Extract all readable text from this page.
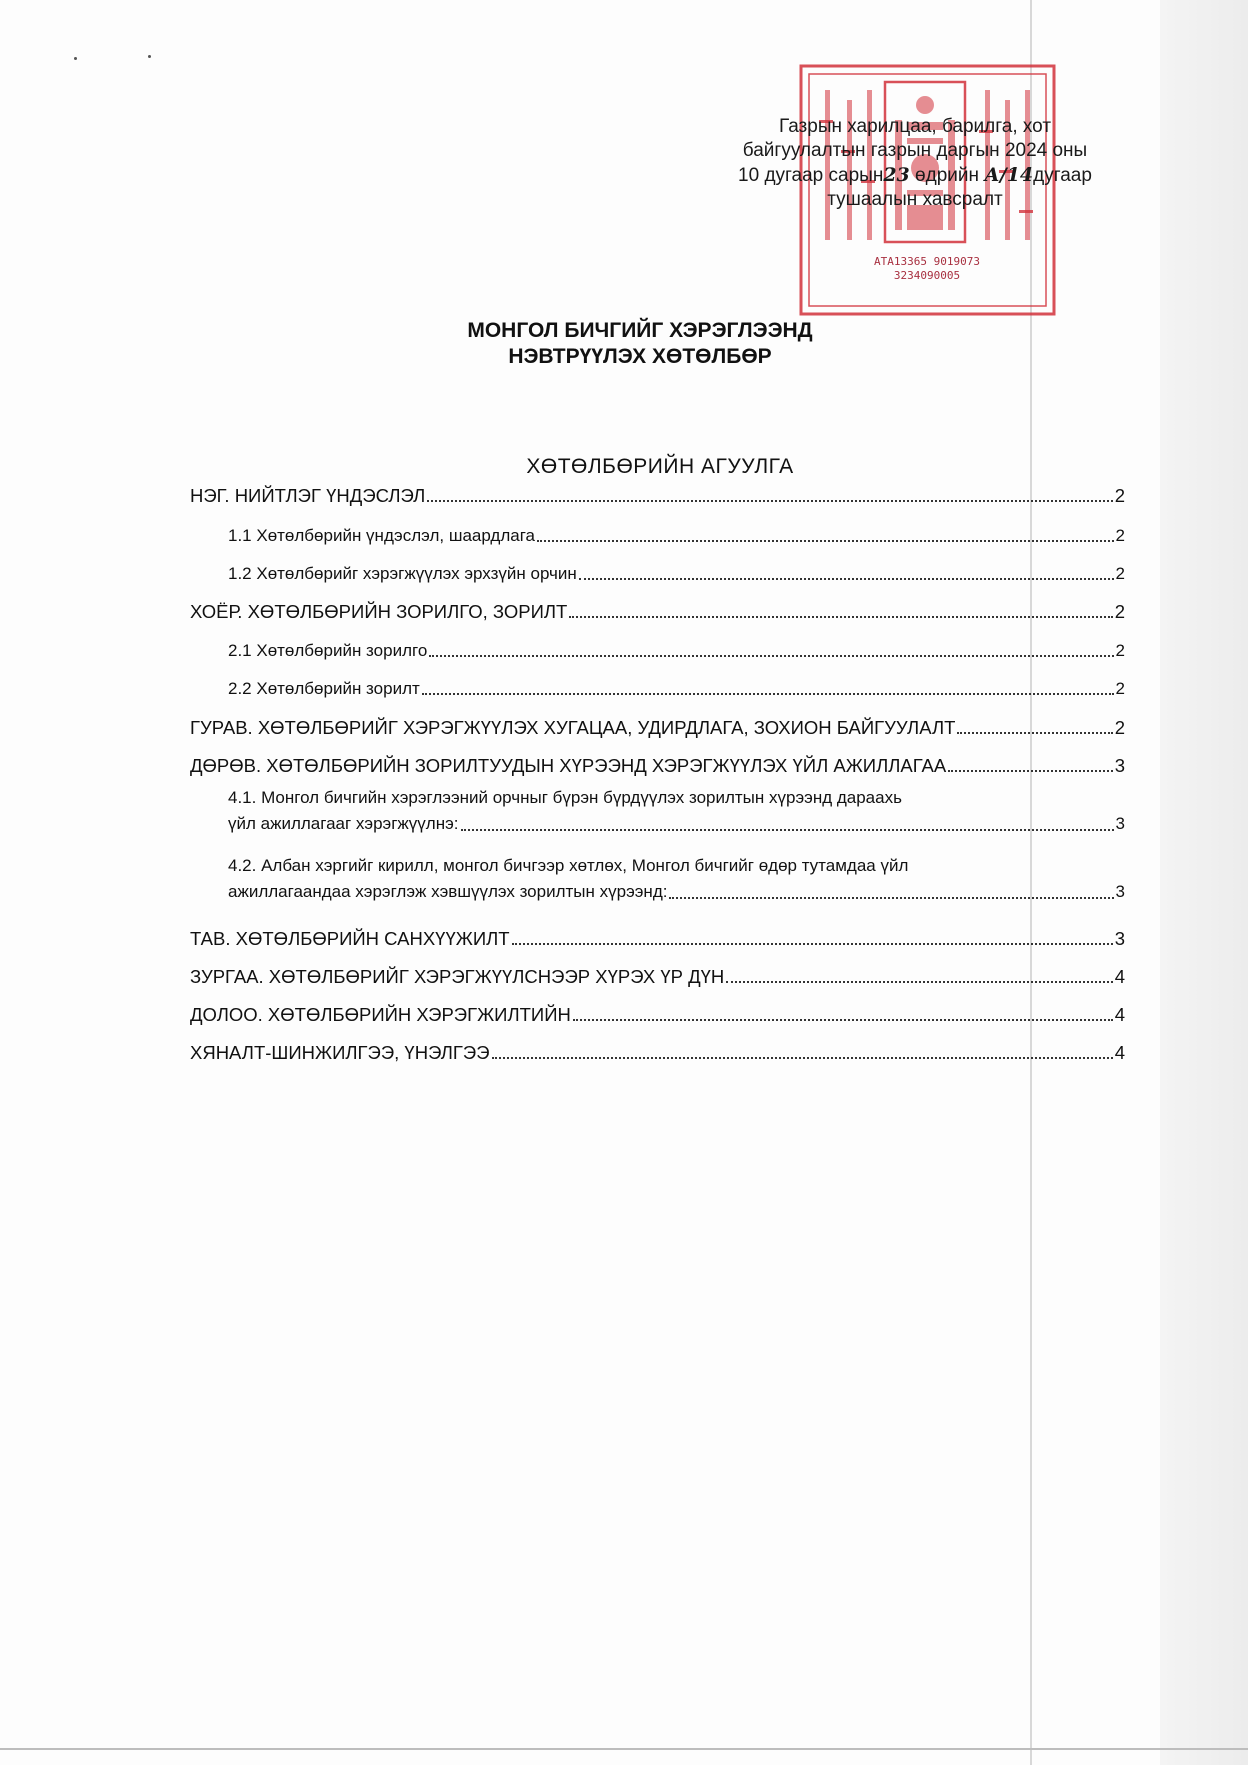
АТА13365 9019073
3234090005
Газрын харилцаа, барилга, хот
байгуулалтын газрын даргын 2024 оны
10 дугаар сарын23 өдрийн А/14дугаар
тушаалын хавсралт
МОНГОЛ БИЧГИЙГ ХЭРЭГЛЭЭНД
НЭВТРҮҮЛЭХ ХӨТӨЛБӨР
ХӨТӨЛБӨРИЙН АГУУЛГА
НЭГ. НИЙТЛЭГ ҮНДЭСЛЭЛ	2
1.1 Хөтөлбөрийн үндэслэл, шаардлага	2
1.2 Хөтөлбөрийг хэрэгжүүлэх эрхзүйн орчин	2
ХОЁР. ХӨТӨЛБӨРИЙН ЗОРИЛГО, ЗОРИЛТ	2
2.1 Хөтөлбөрийн зорилго	2
2.2 Хөтөлбөрийн зорилт	2
ГУРАВ. ХӨТӨЛБӨРИЙГ ХЭРЭГЖҮҮЛЭХ ХУГАЦАА, УДИРДЛАГА, ЗОХИОН БАЙГУУЛАЛТ	2
ДӨРӨВ. ХӨТӨЛБӨРИЙН ЗОРИЛТУУДЫН ХҮРЭЭНД ХЭРЭГЖҮҮЛЭХ ҮЙЛ АЖИЛЛАГАА	3
4.1. Монгол бичгийн хэрэглээний орчныг бүрэн бүрдүүлэх зорилтын хүрээнд дараахь
үйл ажиллагааг хэрэгжүүлнэ:	3
4.2. Албан хэргийг кирилл, монгол бичгээр хөтлөх, Монгол бичгийг өдөр тутамдаа үйл
ажиллагаандаа хэрэглэж хэвшүүлэх зорилтын хүрээнд:	3
ТАВ. ХӨТӨЛБӨРИЙН САНХҮҮЖИЛТ	3
ЗУРГАА. ХӨТӨЛБӨРИЙГ ХЭРЭГЖҮҮЛСНЭЭР ХҮРЭХ ҮР ДҮН	4
ДОЛОО. ХӨТӨЛБӨРИЙН ХЭРЭГЖИЛТИЙН	4
ХЯНАЛТ-ШИНЖИЛГЭЭ, ҮНЭЛГЭЭ	4
